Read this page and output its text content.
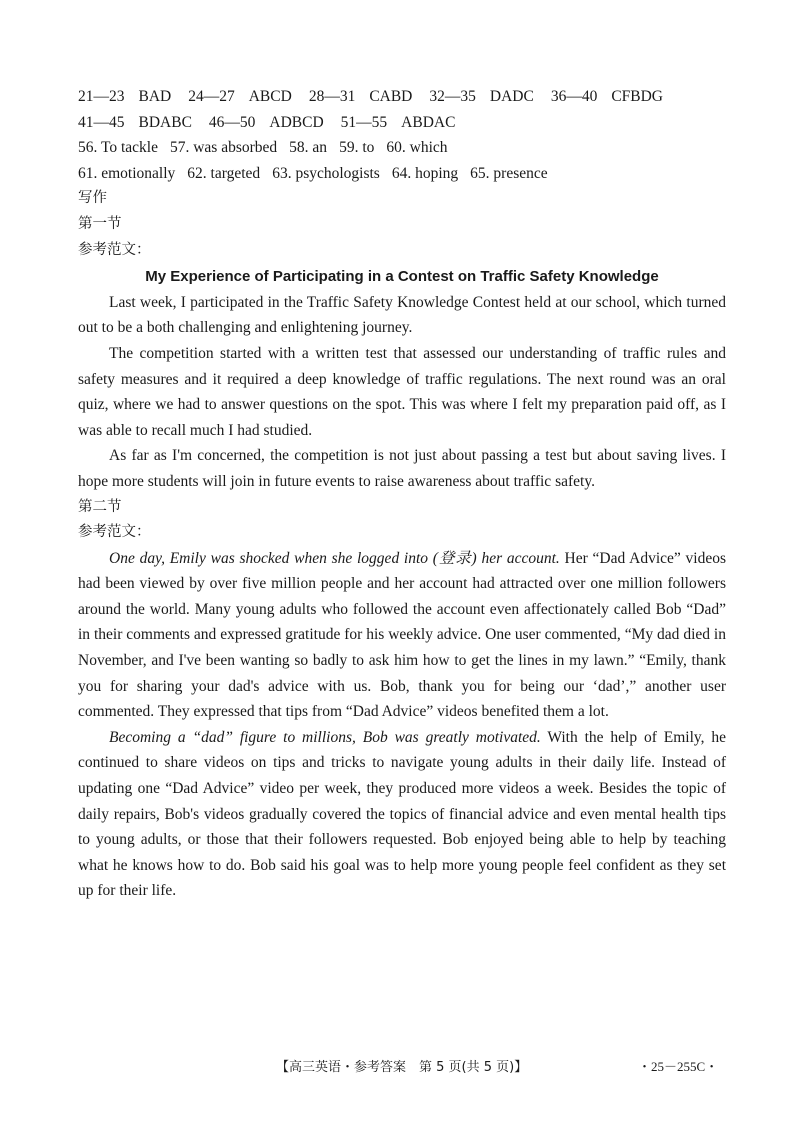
21—23 BAD 24—27 ABCD 28—31 CABD 32—35 DADC 36—40 CFBDG
41—45 BDABC 46—50 ADBCD 51—55 ABDAC
56. To tackle 57. was absorbed 58. an 59. to 60. which
61. emotionally 62. targeted 63. psychologists 64. hoping 65. presence
写作
第一节
参考范文：
My Experience of Participating in a Contest on Traffic Safety Knowledge

Last week, I participated in the Traffic Safety Knowledge Contest held at our school, which turned out to be a both challenging and enlightening journey.

The competition started with a written test that assessed our understanding of traffic rules and safety measures and it required a deep knowledge of traffic regulations. The next round was an oral quiz, where we had to answer questions on the spot. This was where I felt my preparation paid off, as I was able to recall much I had studied.

As far as I'm concerned, the competition is not just about passing a test but about saving lives. I hope more students will join in future events to raise awareness about traffic safety.

第二节
参考范文：

One day, Emily was shocked when she logged into (登录) her account. Her “Dad Advice” videos had been viewed by over five million people and her account had attracted over one million followers around the world. Many young adults who followed the account even affectionately called Bob “Dad” in their comments and expressed gratitude for his weekly advice. One user commented, “My dad died in November, and I've been wanting so badly to ask him how to get the lines in my lawn.” “Emily, thank you for sharing your dad's advice with us. Bob, thank you for being our ‘dad’,” another user commented. They expressed that tips from “Dad Advice” videos benefited them a lot.

Becoming a “dad” figure to millions, Bob was greatly motivated. With the help of Emily, he continued to share videos on tips and tricks to navigate young adults in their daily life. Instead of updating one “Dad Advice” video per week, they produced more videos a week. Besides the topic of daily repairs, Bob's videos gradually covered the topics of financial advice and even mental health tips to young adults, or those that their followers requested. Bob enjoyed being able to help by teaching what he knows how to do. Bob said his goal was to help more young people feel confident as they set up for their life.

【高三英语・参考答案　第 5 页(共 5 页)】	・25－255C・
